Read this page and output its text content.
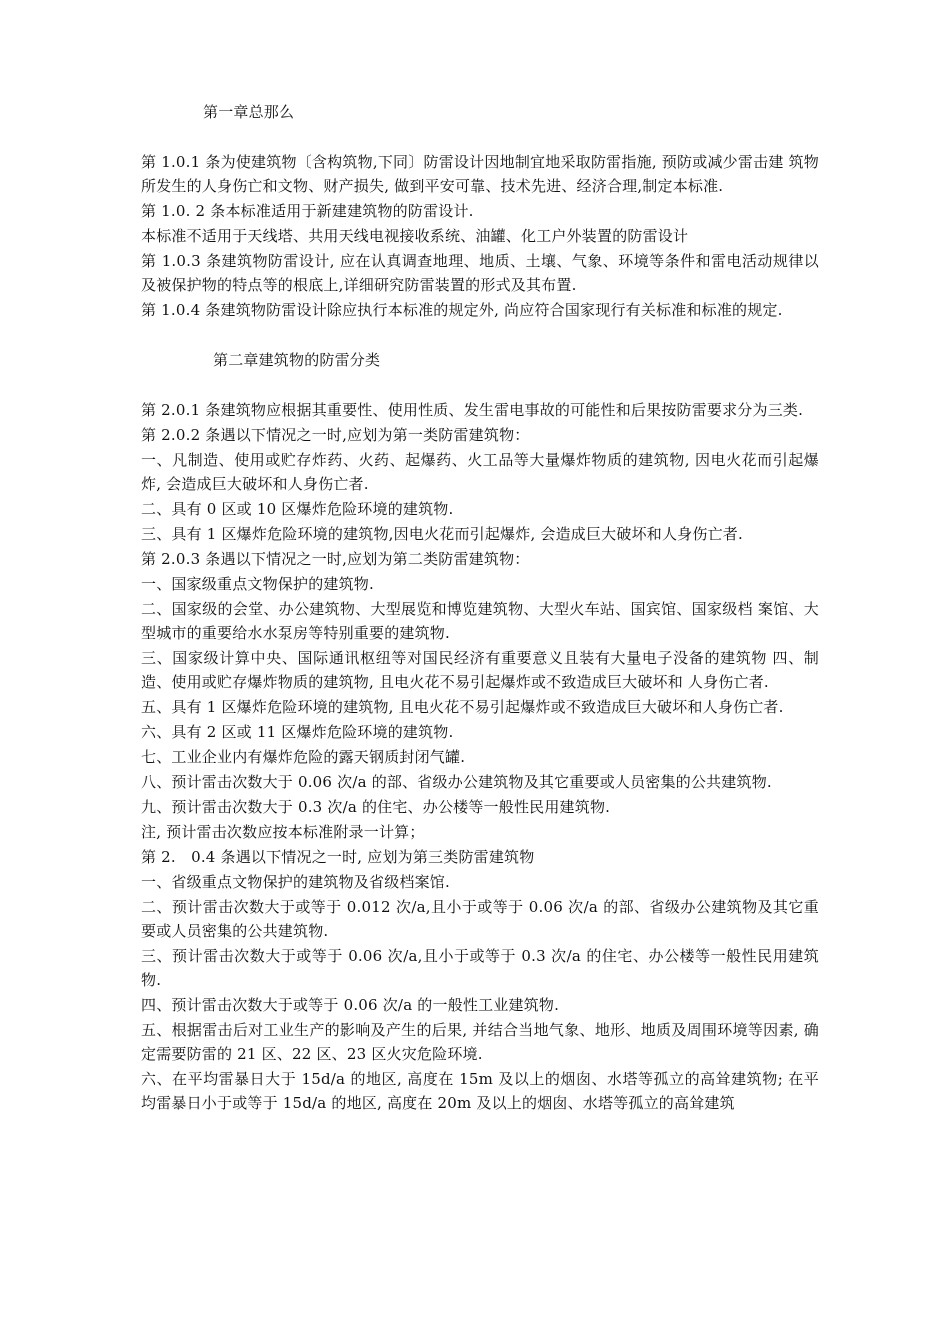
第一章总那么

第 1.0.1 条为使建筑物〔含构筑物,下同〕防雷设计因地制宜地采取防雷指施, 预防或减少雷击建 筑物所发生的人身伤亡和文物、财产损失, 做到平安可靠、技术先进、经济合理,制定本标准.

第 1.0. 2 条本标准适用于新建建筑物的防雷设计.

本标准不适用于天线塔、共用天线电视接收系统、油罐、化工户外装置的防雷设计

第 1.0.3 条建筑物防雷设计, 应在认真调查地理、地质、土壤、气象、环境等条件和雷电活动规律以及被保护物的特点等的根底上,详细研究防雷装置的形式及其布置.

第 1.0.4 条建筑物防雷设计除应执行本标准的规定外, 尚应符合国家现行有关标准和标准的规定.

第二章建筑物的防雷分类

第 2.0.1 条建筑物应根据其重要性、使用性质、发生雷电事故的可能性和后果按防雷要求分为三类.

第 2.0.2 条遇以下情况之一时,应划为第一类防雷建筑物：

一、凡制造、使用或贮存炸药、火药、起爆药、火工品等大量爆炸物质的建筑物, 因电火花而引起爆炸, 会造成巨大破坏和人身伤亡者.

二、具有 0 区或 10 区爆炸危险环境的建筑物.

三、具有 1 区爆炸危险环境的建筑物,因电火花而引起爆炸, 会造成巨大破坏和人身伤亡者.

第 2.0.3 条遇以下情况之一时,应划为第二类防雷建筑物：

一、国家级重点文物保护的建筑物.

二、国家级的会堂、办公建筑物、大型展览和博览建筑物、大型火车站、国宾馆、国家级档 案馆、大型城市的重要给水水泵房等特别重要的建筑物.

三、国家级计算中央、国际通讯枢纽等对国民经济有重要意义且装有大量电子没备的建筑物 四、制造、使用或贮存爆炸物质的建筑物, 且电火花不易引起爆炸或不致造成巨大破坏和 人身伤亡者.

五、具有 1 区爆炸危险环境的建筑物, 且电火花不易引起爆炸或不致造成巨大破坏和人身伤亡者.

六、具有 2 区或 11 区爆炸危险环境的建筑物.

七、工业企业内有爆炸危险的露天钢质封闭气罐.

八、预计雷击次数大于 0.06 次/a 的部、省级办公建筑物及其它重要或人员密集的公共建筑物.

九、预计雷击次数大于 0.3 次/a 的住宅、办公楼等一般性民用建筑物.

注, 预计雷击次数应按本标准附录一计算；

第 2.　0.4 条遇以下情况之一时, 应划为第三类防雷建筑物

一、省级重点文物保护的建筑物及省级档案馆.

二、预计雷击次数大于或等于 0.012 次/a,且小于或等于 0.06 次/a 的部、省级办公建筑物及其它重要或人员密集的公共建筑物.

三、预计雷击次数大于或等于 0.06 次/a,且小于或等于 0.3 次/a 的住宅、办公楼等一般性民用建筑物.

四、预计雷击次数大于或等于 0.06 次/a 的一般性工业建筑物.

五、根据雷击后对工业生产的影响及产生的后果, 并结合当地气象、地形、地质及周围环境等因素, 确定需要防雷的 21 区、22 区、23 区火灾危险环境.

六、在平均雷暴日大于 15d/a 的地区, 高度在 15m 及以上的烟囱、水塔等孤立的高耸建筑物; 在平均雷暴日小于或等于 15d/a 的地区, 高度在 20m 及以上的烟囱、水塔等孤立的高耸建筑
